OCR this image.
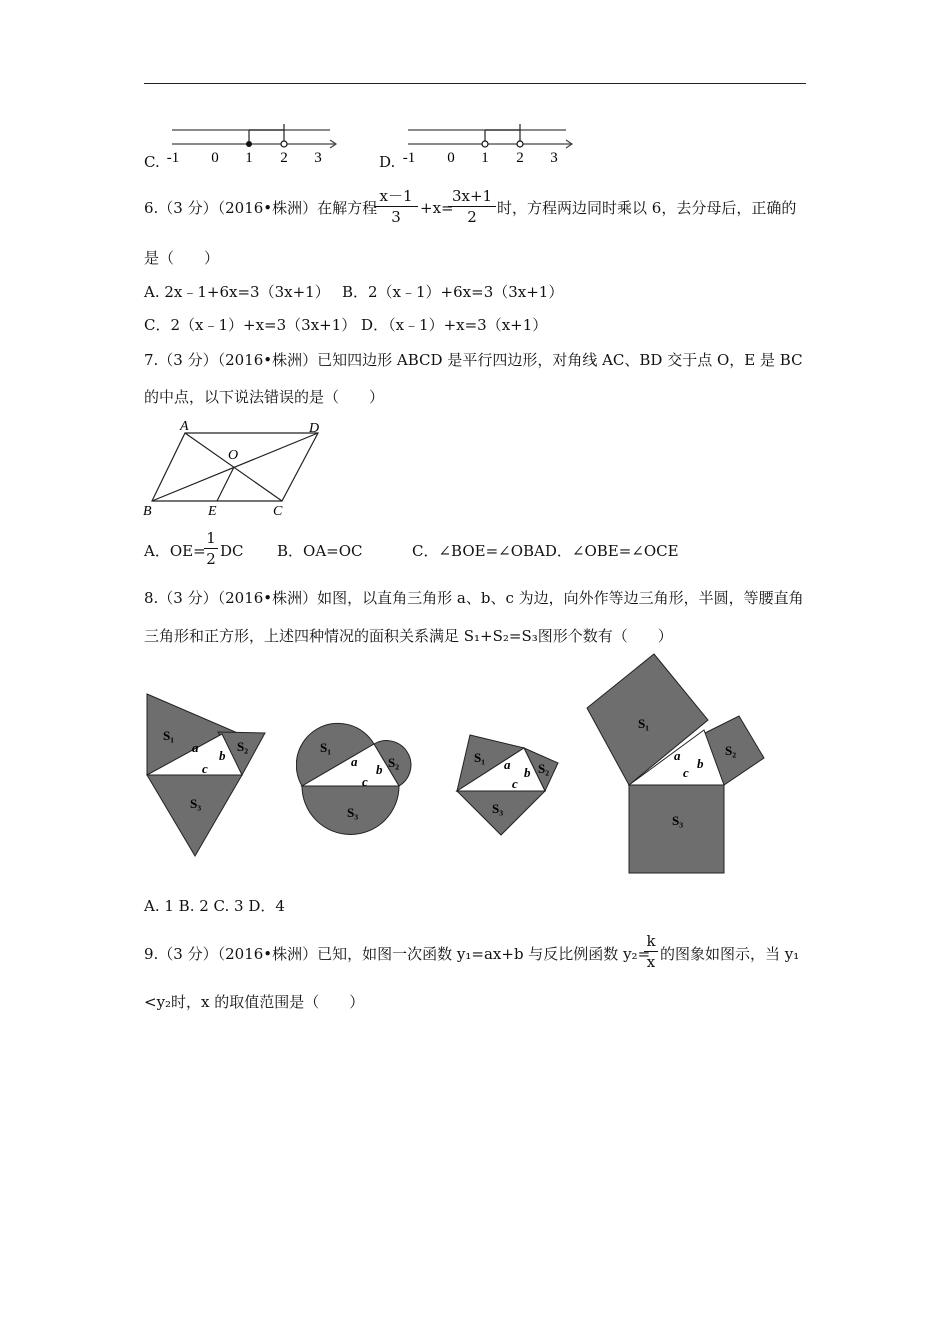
C. -1 0 1 2 3	D. -1 0 1 2 3
6.（3 分）（2016•株洲）在解方程
x－1
3	+x=
3x+1
2	时，方程两边同时乘以 6，去分母后，正确的
是（　　）
A. 2x﹣1+6x=3（3x+1）　 B．2（x﹣1）+6x=3（3x+1）
C．2（x﹣1）+x=3（3x+1） D．（x﹣1）+x=3（x+1）
7.（3 分）（2016•株洲）已知四边形 ABCD 是平行四边形，对角线 AC、BD 交于点 O，E 是 BC
的中点，以下说法错误的是（　　）
A	D
O
B	E	C
A．OE=
1
2 DC B．OA=OC	C．∠BOE=∠OBAD．∠OBE=∠OCE
8.（3 分）（2016•株洲）如图，以直角三角形 a、b、c 为边，向外作等边三角形，半圆，等腰直角
三角形和正方形，上述四种情况的面积关系满足 S₁+S₂=S₃图形个数有（　　）
S₁
S₂
S₃
a
b
c
S₁
S₂
S₃
a
b
c
S₁
S₂
S₃
a
b
c
S₁
S₂
S₃
a
b
c
A. 1 B. 2 C. 3 D．4
9.（3 分）（2016•株洲）已知，如图一次函数 y₁=ax+b 与反比例函数 y₂=
k
x 的图象如图示，当 y₁
<y₂时，x 的取值范围是（　　）
